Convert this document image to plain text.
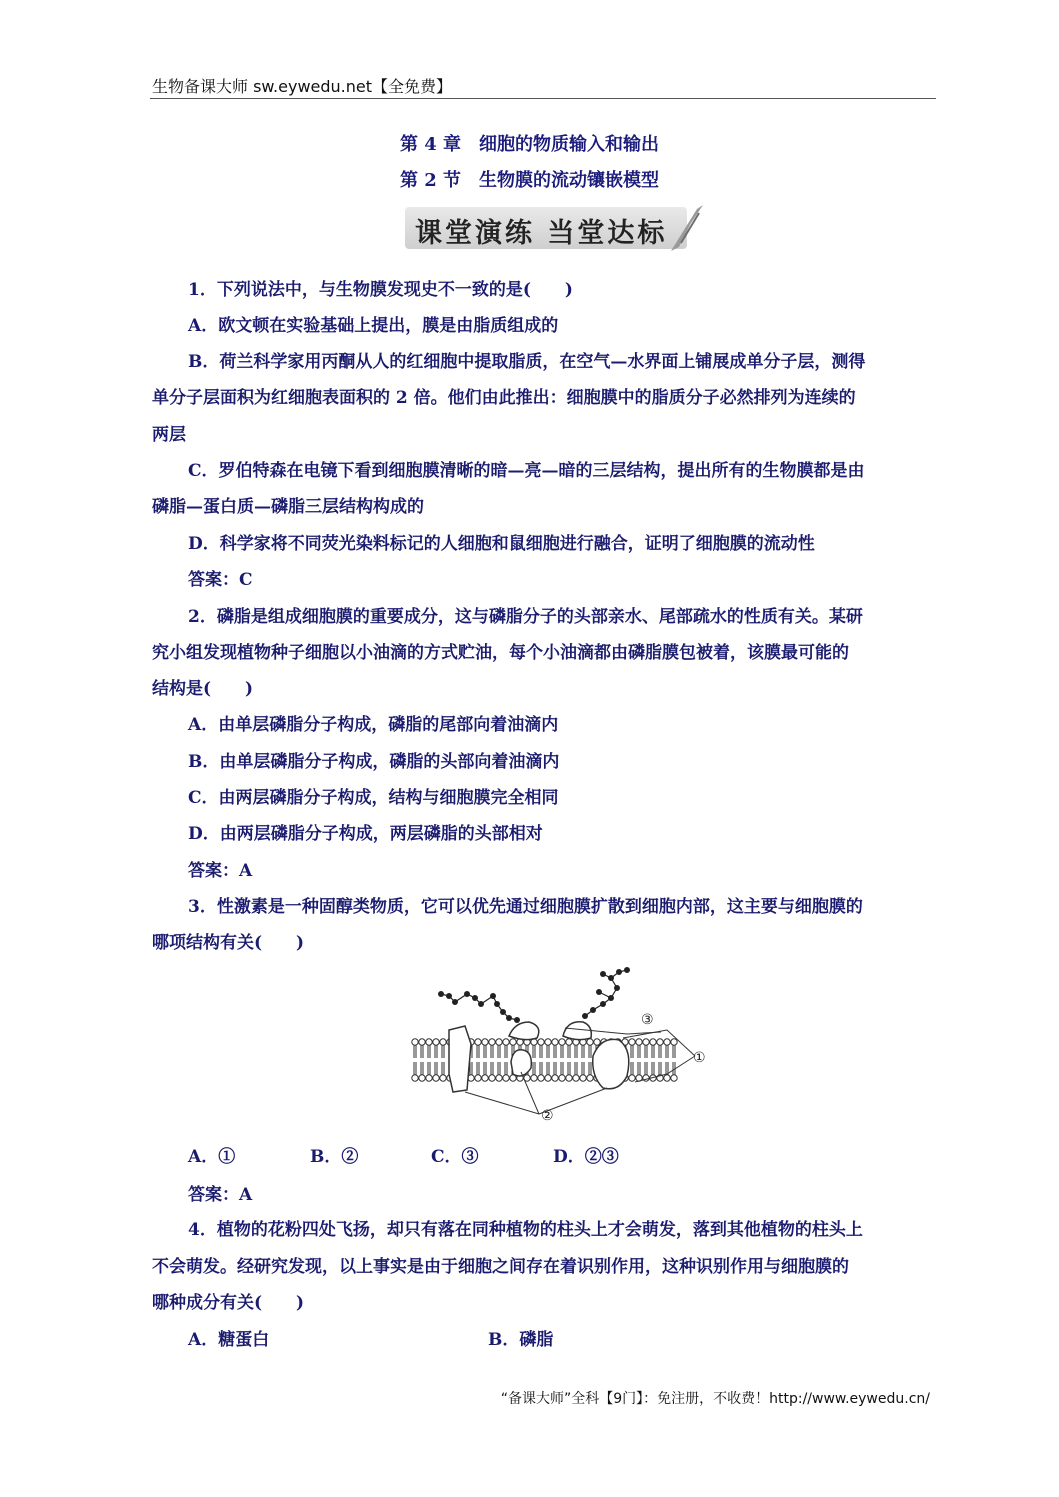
生物备课大师 sw.eywedu.net【全免费】
第 4 章　细胞的物质输入和输出
第 2 节　生物膜的流动镶嵌模型
课堂演练 当堂达标
1．下列说法中，与生物膜发现史不一致的是(　　)
A．欧文顿在实验基础上提出，膜是由脂质组成的
B．荷兰科学家用丙酮从人的红细胞中提取脂质，在空气—水界面上铺展成单分子层，测得
单分子层面积为红细胞表面积的 2 倍。他们由此推出：细胞膜中的脂质分子必然排列为连续的
两层
C．罗伯特森在电镜下看到细胞膜清晰的暗—亮—暗的三层结构，提出所有的生物膜都是由
磷脂—蛋白质—磷脂三层结构构成的
D．科学家将不同荧光染料标记的人细胞和鼠细胞进行融合，证明了细胞膜的流动性
答案：C
2．磷脂是组成细胞膜的重要成分，这与磷脂分子的头部亲水、尾部疏水的性质有关。某研
究小组发现植物种子细胞以小油滴的方式贮油，每个小油滴都由磷脂膜包被着，该膜最可能的
结构是(　　)
A．由单层磷脂分子构成，磷脂的尾部向着油滴内
B．由单层磷脂分子构成，磷脂的头部向着油滴内
C．由两层磷脂分子构成，结构与细胞膜完全相同
D．由两层磷脂分子构成，两层磷脂的头部相对
答案：A
3．性激素是一种固醇类物质，它可以优先通过细胞膜扩散到细胞内部，这主要与细胞膜的
哪项结构有关(　　)
③
①
②
A．①	B．②	C．③	D．②③
答案：A
4．植物的花粉四处飞扬，却只有落在同种植物的柱头上才会萌发，落到其他植物的柱头上
不会萌发。经研究发现，以上事实是由于细胞之间存在着识别作用，这种识别作用与细胞膜的
哪种成分有关(　　)
A．糖蛋白	B．磷脂
“备课大师”全科【9门】：免注册，不收费！http://www.eywedu.cn/
